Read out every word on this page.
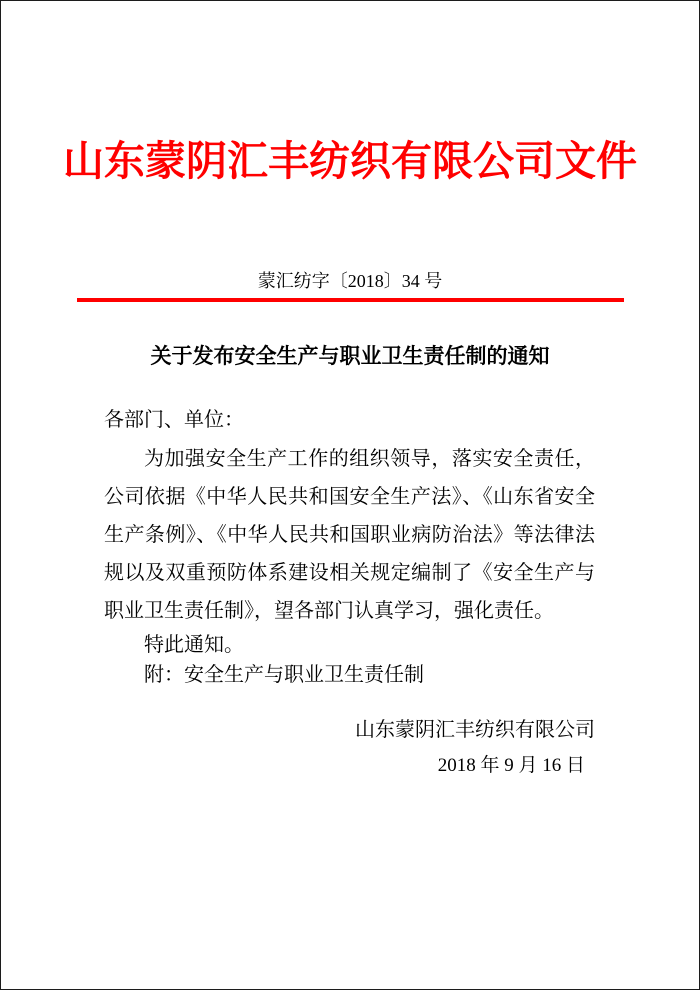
山东蒙阴汇丰纺织有限公司文件
蒙汇纺字〔2018〕34 号
关于发布安全生产与职业卫生责任制的通知
各部门、单位：

为加强安全生产工作的组织领导，落实安全责任，公司依据《中华人民共和国安全生产法》、《山东省安全生产条例》、《中华人民共和国职业病防治法》等法律法规以及双重预防体系建设相关规定编制了《安全生产与职业卫生责任制》，望各部门认真学习，强化责任。

特此通知。

附：安全生产与职业卫生责任制

山东蒙阴汇丰纺织有限公司
2018 年 9 月 16 日
